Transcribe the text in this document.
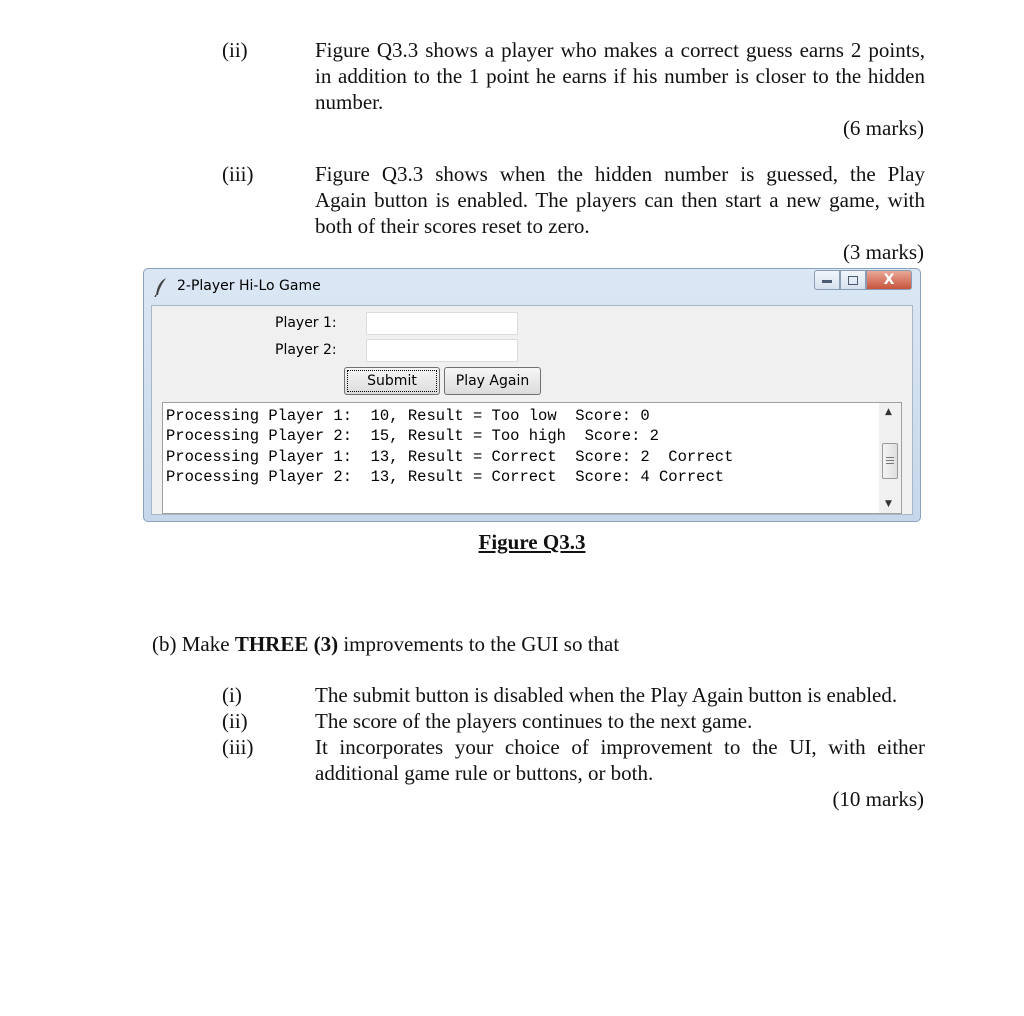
(ii)	Figure Q3.3 shows a player who makes a correct guess earns 2 points,
in addition to the 1 point he earns if his number is closer to the hidden
number.
(6 marks)
(iii)	Figure Q3.3 shows when the hidden number is guessed, the Play
Again button is enabled. The players can then start a new game, with
both of their scores reset to zero.
(3 marks)
2-Player Hi-Lo Game	X
Player 1:
Player 2:
Submit	Play Again
Processing Player 1:  10, Result = Too low  Score: 0
Processing Player 2:  15, Result = Too high  Score: 2
Processing Player 1:  13, Result = Correct  Score: 2  Correct
Processing Player 2:  13, Result = Correct  Score: 4 Correct
▲
▼
Figure Q3.3
(b) Make THREE (3) improvements to the GUI so that
(i)	The submit button is disabled when the Play Again button is enabled.
(ii)	The score of the players continues to the next game.
(iii)	It incorporates your choice of improvement to the UI, with either
additional game rule or buttons, or both.
(10 marks)
